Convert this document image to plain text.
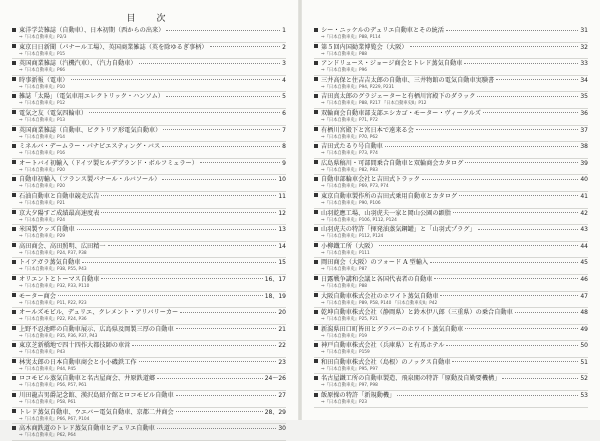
目　次
東洋学芸雑誌（自動車）、日本初期（西からの出来）	1
⇒『日本自動車史』P2/3
東京日日新聞（パナール工場）、英国商業雑誌（英を除ゆるぎ事柄）	2
⇒『日本自動車史』P15
英国商業雑誌（汽機汽車）、（汽力自動車）	3
⇒『日本自動車史』P66
時事新報（電車）	4
⇒『日本自動車史』P10
雑誌「太陽」（電気車用エレクトリック・ハンソム）	5
⇒『日本自動車史』P12
電気之友（電気四輪車）	6
⇒『日本自動車史』P13
英国商業雑誌（自動車、ビクトリア形電気自動車）	7
⇒『日本自動車史』P14
ミネルバ・デームラー・パナビエスティング・バス	8
⇒『日本自動車史』P16
オートバイ初輸入（ドイツ製ヒルデブランド・ボルフミュラー）	9
⇒『日本自動車史』P20
自動車初輸入（フランス製パナール・ルバソール）	10
⇒『日本自動車史』P20
石油自動車と自動車競走広告	11
⇒『日本自動車史』P21
京大夕陽すご成績最高速度表	12
⇒『日本自動車史』P24
米国製ウッズ自動車	13
⇒『日本自動車史』P29
高田商会、高田照明、広田精一	14
⇒『日本自動車史』P24, P37, P38
トイアガラ蒸気自動車	15
⇒『日本自動車史』P38, P55, P43
オリエントとトーマス自動車	16、17
⇒『日本自動車史』P32, P33, P110
モーター商会	18、19
⇒『日本自動車史』P11, P22, P23
オールズモビル、デュリエ、クレメント・アリバリーカー	20
⇒『日本自動車史』P22, P24, P36
上野不忍池畔の自動車展示、広島県及岡製三厚の自動車	21
⇒『日本自動車史』P35, P36, P37, P43
東京芝新橋地で四十四作大都技師の車営	22
⇒『日本自動車史』P43
林実太郎の日本自動車商会と小小磯鉄工作	23
⇒『日本自動車史』P44, P45
ロコモビル蒸気自動車と名古屋商会、井原鉄道郷	24〜26
⇒『日本自動車史』P56, P57, P61
川田龍吉男爵記念館、漢沢島紹介館とロコモビル自動車	27
⇒『日本自動車史』P58, P61
トレド蒸気自動車、ウエバー電気自動車、京都二井商会	28、29
⇒『日本自動車史』P66, P67, P104
高木商鉄道のトレド蒸気自動車とデュリエ自動車	30
⇒『日本自動車史』P62, P64
シー・ニッケルのデュリエ自動車とその統活	31
⇒『日本自動車史』P88, P114
第５回内国勧業博覧会（大阪）	32
⇒『日本自動車史』P88
アンドリュース・ジョージ商会とトレド蒸気自動車	33
⇒『日本自動車史』P96
三井高保と住吉吉太郎の自動車、三井物館の電気自動車実験書	34
⇒『日本自動車史』P94, P229, P231
吉田真太郎のグラジェーターと有栖川宮殿下のダラック	35
⇒『日本自動車史』P88, P217 『日本自動車史Ⅱ』P12
双輪商会自動車部支部エシカゴ・モーター・ヴィークルズ	36
⇒『日本自動車史』P71, P72
有栖川宮殿下と宮日本で遠来る会	37
⇒『日本自動車史』P70, P62
吉田式たるり号自動車	38
⇒『日本自動車史』P73, P74
広島県稿川・可部間乗合自動車と双輪商会カタログ	39
⇒『日本自動車史』P82, P83
自動車部輪車会社と吉田式トラック	40
⇒『日本自動車史』P69, P73, P74
東京自動車製作所の吉田式乗用自動車とカタログ	41
⇒『日本自動車史』P90, P106
山羽乾應工場、山羽虎夫一家と岡山公園の顕脂	42
⇒『日本自動車史』P106, P112, P124
山羽虎夫の特許「揮発油蒸気鋼罐」と「山羽式プラグ」	43
⇒『日本自動車史』P112, P124
小柳鐡工所（大阪）	44
⇒『日本自動車史』P111
岡田商会（大阪）のフォード A 型輸入	45
⇒『日本自動車史』P87
日露戦争講和会議と各国代表者の自動車	46
⇒『日本自動車史』P88
大阪自動車株式会社のホワイト蒸気自動車	47
⇒『日本自動車史』P89, P58, P140 『日本自動車史Ⅱ』P42
乾坤自動車株式会社（静岡県）と鈴木伊八郎（三重県）の乗合自動車	48
⇒『日本自動車史』P25, P21
新潟県田口町皆田とグラバーのホワイト蒸気自動車	49
⇒『日本自動車史』P19
神戸自動車株式会社（兵庫県）と有馬ホテル	50
⇒『日本自動車史』P159
和田自動車株式会社（島根）のノックス自動車	51
⇒『日本自動車史』P95, P97
名古屋鐵工所の自動車製造、飛泉閣の特許「原動及自勤要機構」	52
⇒『日本自動車史』P97, P98
飯原操の特許「新規動機」	53
⇒『日本自動車史』P23
